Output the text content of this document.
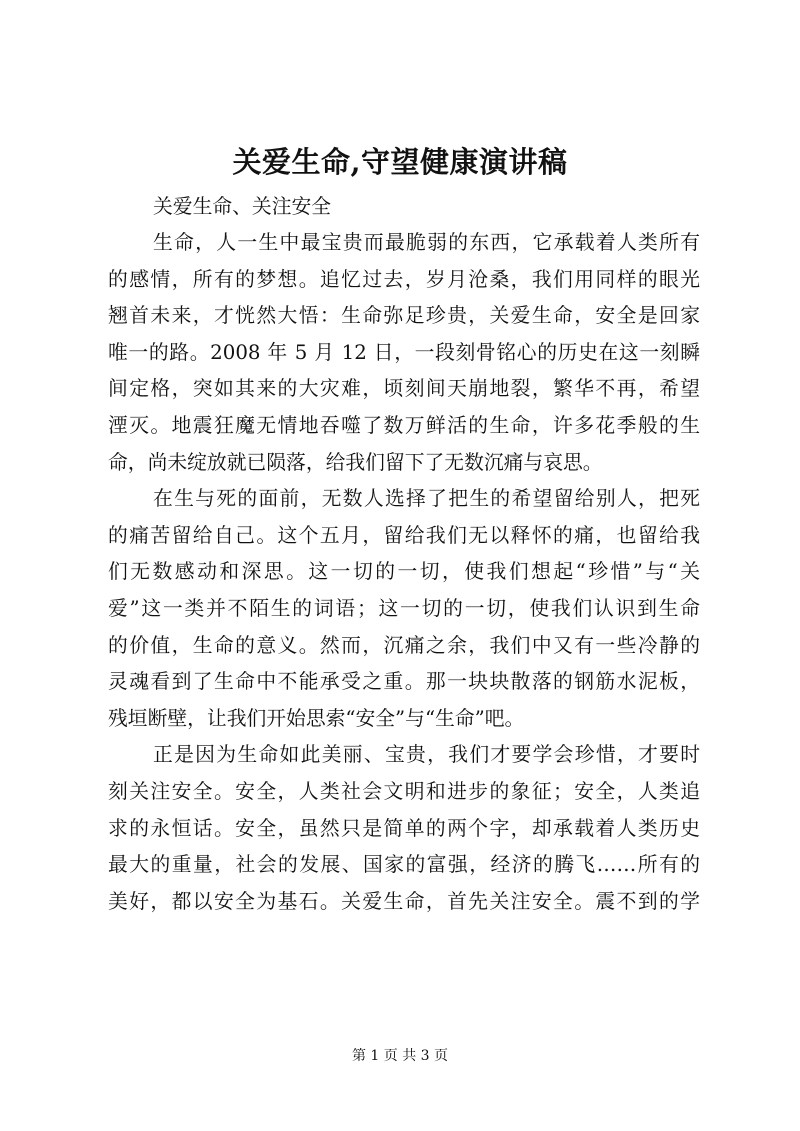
关爱生命,守望健康演讲稿

关爱生命、关注安全

生命，人一生中最宝贵而最脆弱的东西，它承载着人类所有
的感情，所有的梦想。追忆过去，岁月沧桑，我们用同样的眼光
翘首未来，才恍然大悟：生命弥足珍贵，关爱生命，安全是回家
唯一的路。2008 年 5 月 12 日，一段刻骨铭心的历史在这一刻瞬
间定格，突如其来的大灾难，顷刻间天崩地裂，繁华不再，希望
湮灭。地震狂魔无情地吞噬了数万鲜活的生命，许多花季般的生
命，尚未绽放就已陨落，给我们留下了无数沉痛与哀思。

在生与死的面前，无数人选择了把生的希望留给别人，把死
的痛苦留给自己。这个五月，留给我们无以释怀的痛，也留给我
们无数感动和深思。这一切的一切，使我们想起“珍惜”与“关
爱”这一类并不陌生的词语；这一切的一切，使我们认识到生命
的价值，生命的意义。然而，沉痛之余，我们中又有一些冷静的
灵魂看到了生命中不能承受之重。那一块块散落的钢筋水泥板，
残垣断壁，让我们开始思索“安全”与“生命”吧。

正是因为生命如此美丽、宝贵，我们才要学会珍惜，才要时
刻关注安全。安全，人类社会文明和进步的象征；安全，人类追
求的永恒话。安全，虽然只是简单的两个字，却承载着人类历史
最大的重量，社会的发展、国家的富强，经济的腾飞……所有的
美好，都以安全为基石。关爱生命，首先关注安全。震不到的学

第 1 页 共 3 页
